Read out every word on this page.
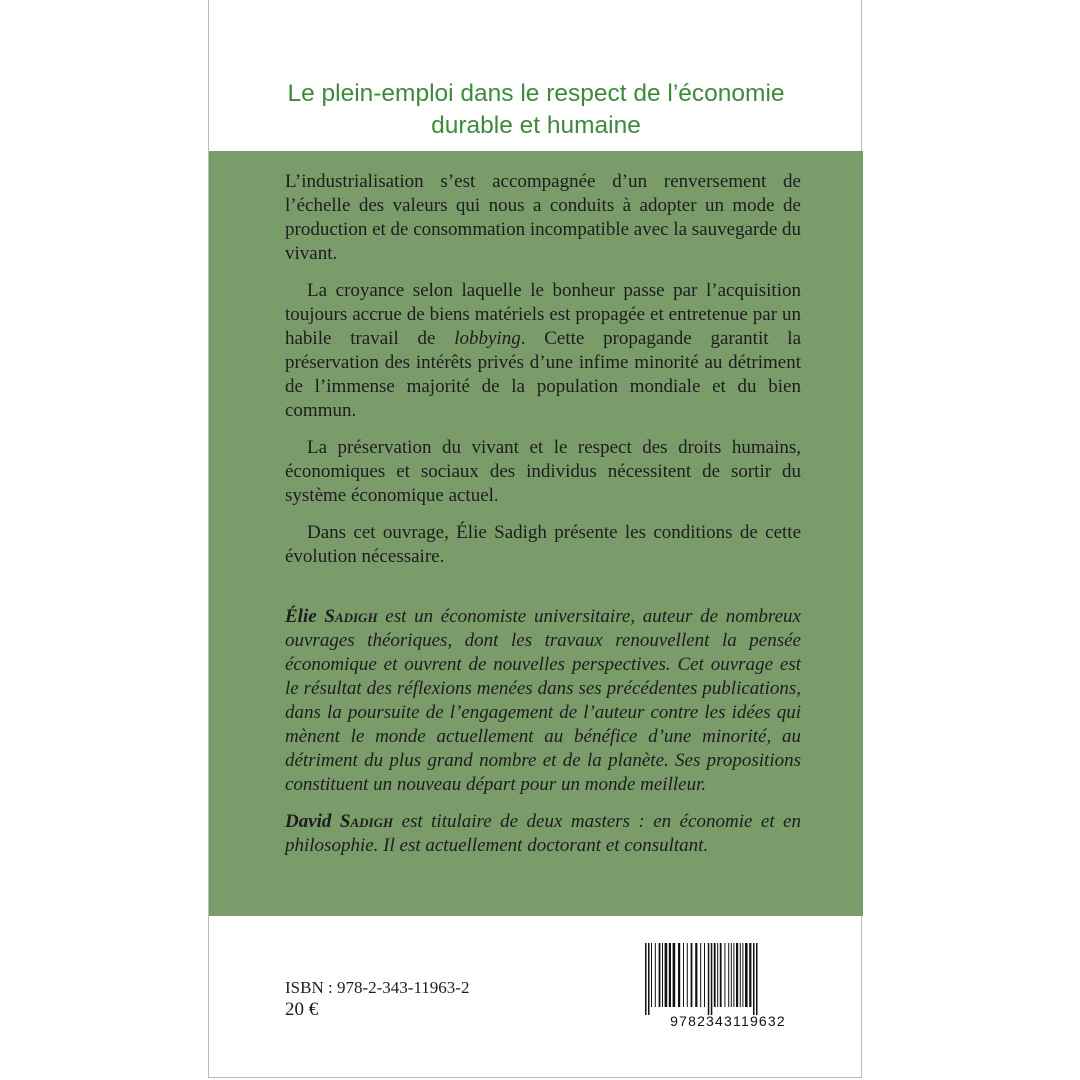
Le plein-emploi dans le respect de l’économie
durable et humaine

L’industrialisation s’est accompagnée d’un renversement de l’échelle des valeurs qui nous a conduits à adopter un mode de production et de consommation incompatible avec la sauvegarde du vivant.

La croyance selon laquelle le bonheur passe par l’acquisition toujours accrue de biens matériels est propagée et entretenue par un habile travail de lobbying. Cette propagande garantit la préservation des intérêts privés d’une infime minorité au détriment de l’immense majorité de la population mondiale et du bien commun.

La préservation du vivant et le respect des droits humains, économiques et sociaux des individus nécessitent de sortir du système économique actuel.

Dans cet ouvrage, Élie Sadigh présente les conditions de cette évolution nécessaire.

Élie Sadigh est un économiste universitaire, auteur de nombreux ouvrages théoriques, dont les travaux renouvellent la pensée économique et ouvrent de nouvelles perspectives. Cet ouvrage est le résultat des réflexions menées dans ses précédentes publications, dans la poursuite de l’engagement de l’auteur contre les idées qui mènent le monde actuellement au bénéfice d’une minorité, au détriment du plus grand nombre et de la planète. Ses propositions constituent un nouveau départ pour un monde meilleur.

David Sadigh est titulaire de deux masters : en économie et en philosophie. Il est actuellement doctorant et consultant.

ISBN : 978-2-343-11963-2
20 €
9782343119632
